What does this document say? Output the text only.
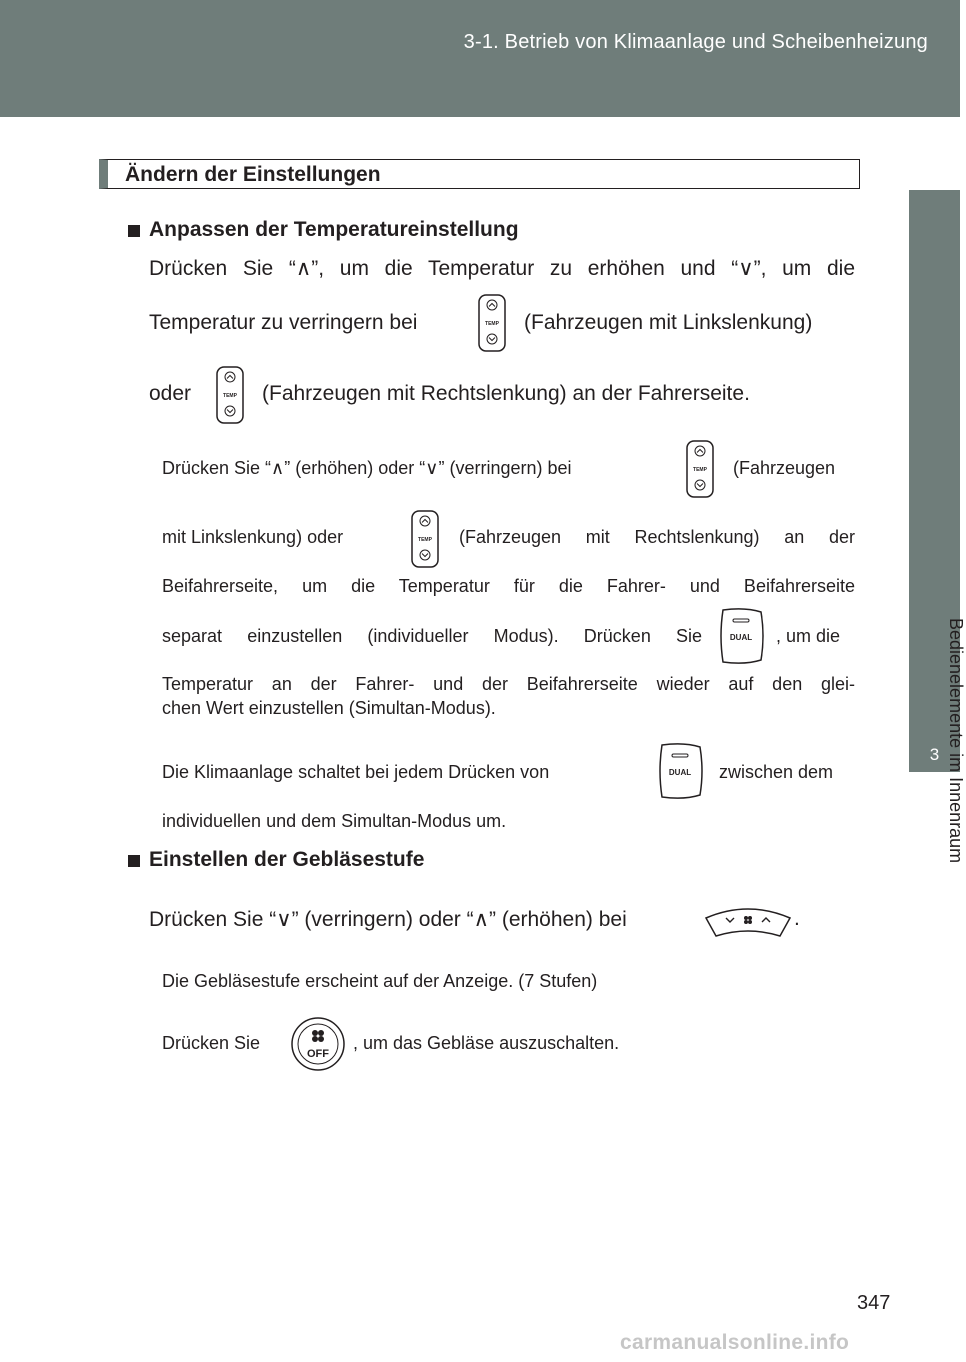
3-1. Betrieb von Klimaanlage und Scheibenheizung
3 Bedienelemente im Innenraum
Ändern der Einstellungen
Anpassen der Temperatureinstellung
Drücken Sie “∧”, um die Temperatur zu erhöhen und “∨”, um die
Temperatur zu verringern bei	TEMP (Fahrzeugen mit Linkslenkung)
oder	TEMP (Fahrzeugen mit Rechtslenkung) an der Fahrerseite.
Drücken Sie “∧” (erhöhen) oder “∨” (verringern) bei	TEMP (Fahrzeugen
mit Linkslenkung) oder	TEMP (Fahrzeugen mit Rechtslenkung) an der
Beifahrerseite, um die Temperatur für die Fahrer- und Beifahrerseite
separat einzustellen (individueller Modus). Drücken Sie	DUAL , um die
Temperatur an der Fahrer- und der Beifahrerseite wieder auf den glei-
chen Wert einzustellen (Simultan-Modus).
Die Klimaanlage schaltet bei jedem Drücken von	DUAL zwischen dem
individuellen und dem Simultan-Modus um.
Einstellen der Gebläsestufe
Drücken Sie “∨” (verringern) oder “∧” (erhöhen) bei	.
Die Gebläsestufe erscheint auf der Anzeige. (7 Stufen)
Drücken Sie
OFF
, um das Gebläse auszuschalten.
347
carmanualsonline.info
